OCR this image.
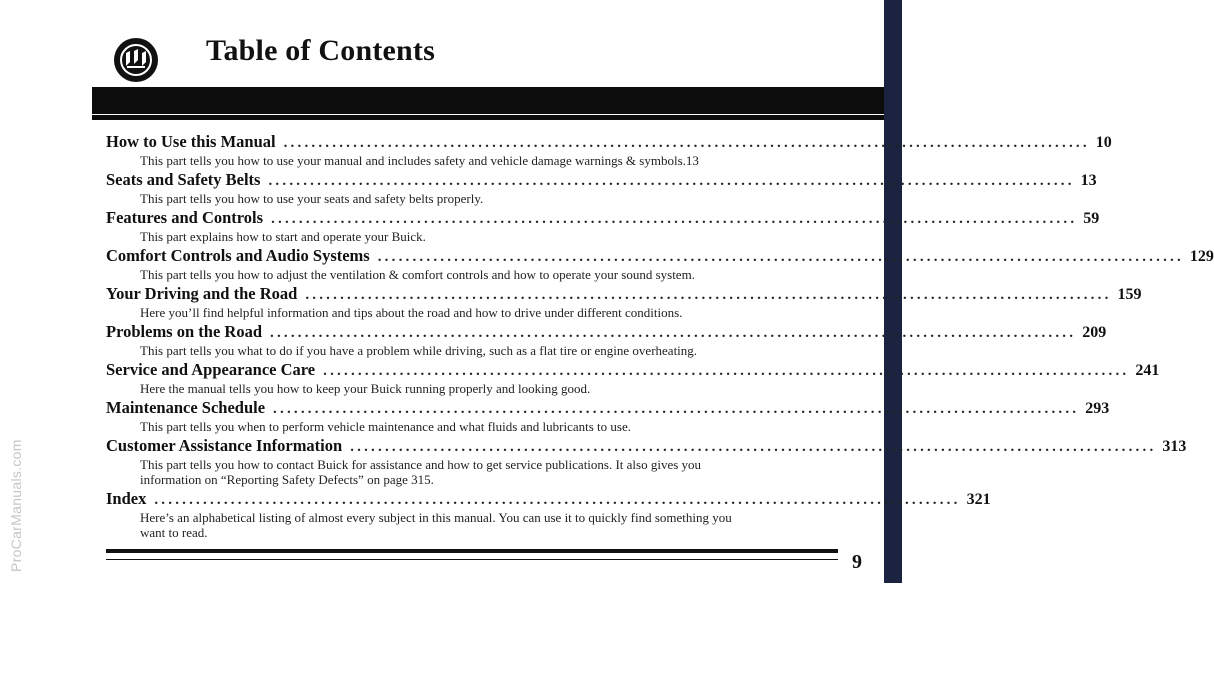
Table of Contents
ProCarManuals.com
How to Use this Manual .................................................................................................................... 10
This part tells you how to use your manual and includes safety and vehicle damage warnings & symbols.13
Seats and Safety Belts .................................................................................................................... 13
This part tells you how to use your seats and safety belts properly.
Features and Controls .................................................................................................................... 59
This part explains how to start and operate your Buick.
Comfort Controls and Audio Systems .................................................................................................................... 129
This part tells you how to adjust the ventilation & comfort controls and how to operate your sound system.
Your Driving and the Road .................................................................................................................... 159
Here you’ll find helpful information and tips about the road and how to drive under different conditions.
Problems on the Road .................................................................................................................... 209
This part tells you what to do if you have a problem while driving, such as a flat tire or engine overheating.
Service and Appearance Care .................................................................................................................... 241
Here the manual tells you how to keep your Buick running properly and looking good.
Maintenance Schedule .................................................................................................................... 293
This part tells you when to perform vehicle maintenance and what fluids and lubricants to use.
Customer Assistance Information .................................................................................................................... 313
This part tells you how to contact Buick for assistance and how to get service publications. It also gives you information on “Reporting Safety Defects” on page 315.
Index .................................................................................................................... 321
Here’s an alphabetical listing of almost every subject in this manual. You can use it to quickly find something you want to read.
9
